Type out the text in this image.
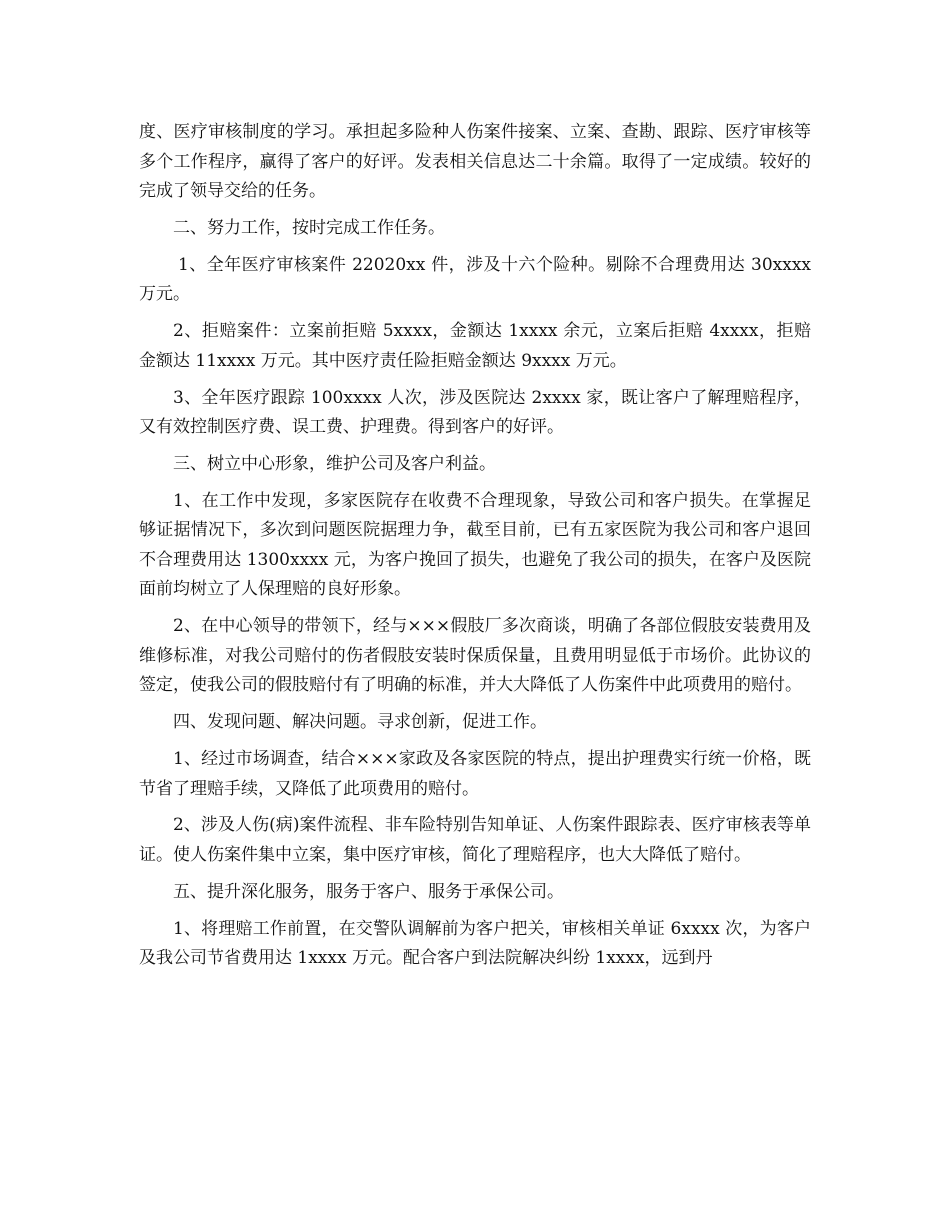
度、医疗审核制度的学习。承担起多险种人伤案件接案、立案、查勘、跟踪、医疗审核等多个工作程序，赢得了客户的好评。发表相关信息达二十余篇。取得了一定成绩。较好的完成了领导交给的任务。

二、努力工作，按时完成工作任务。

1、全年医疗审核案件 22020xx 件，涉及十六个险种。剔除不合理费用达 30xxxx 万元。

2、拒赔案件：立案前拒赔 5xxxx，金额达 1xxxx 余元，立案后拒赔 4xxxx，拒赔金额达 11xxxx 万元。其中医疗责任险拒赔金额达 9xxxx 万元。

3、全年医疗跟踪 100xxxx 人次，涉及医院达 2xxxx 家，既让客户了解理赔程序，又有效控制医疗费、误工费、护理费。得到客户的好评。

三、树立中心形象，维护公司及客户利益。

1、在工作中发现，多家医院存在收费不合理现象，导致公司和客户损失。在掌握足够证据情况下，多次到问题医院据理力争，截至目前，已有五家医院为我公司和客户退回不合理费用达 1300xxxx 元，为客户挽回了损失，也避免了我公司的损失，在客户及医院面前均树立了人保理赔的良好形象。

2、在中心领导的带领下，经与×××假肢厂多次商谈，明确了各部位假肢安装费用及维修标准，对我公司赔付的伤者假肢安装时保质保量，且费用明显低于市场价。此协议的签定，使我公司的假肢赔付有了明确的标准，并大大降低了人伤案件中此项费用的赔付。

四、发现问题、解决问题。寻求创新，促进工作。

1、经过市场调查，结合×××家政及各家医院的特点，提出护理费实行统一价格，既节省了理赔手续，又降低了此项费用的赔付。

2、涉及人伤(病)案件流程、非车险特别告知单证、人伤案件跟踪表、医疗审核表等单证。使人伤案件集中立案，集中医疗审核，简化了理赔程序，也大大降低了赔付。

五、提升深化服务，服务于客户、服务于承保公司。

1、将理赔工作前置，在交警队调解前为客户把关，审核相关单证 6xxxx 次，为客户及我公司节省费用达 1xxxx 万元。配合客户到法院解决纠纷 1xxxx，远到丹
